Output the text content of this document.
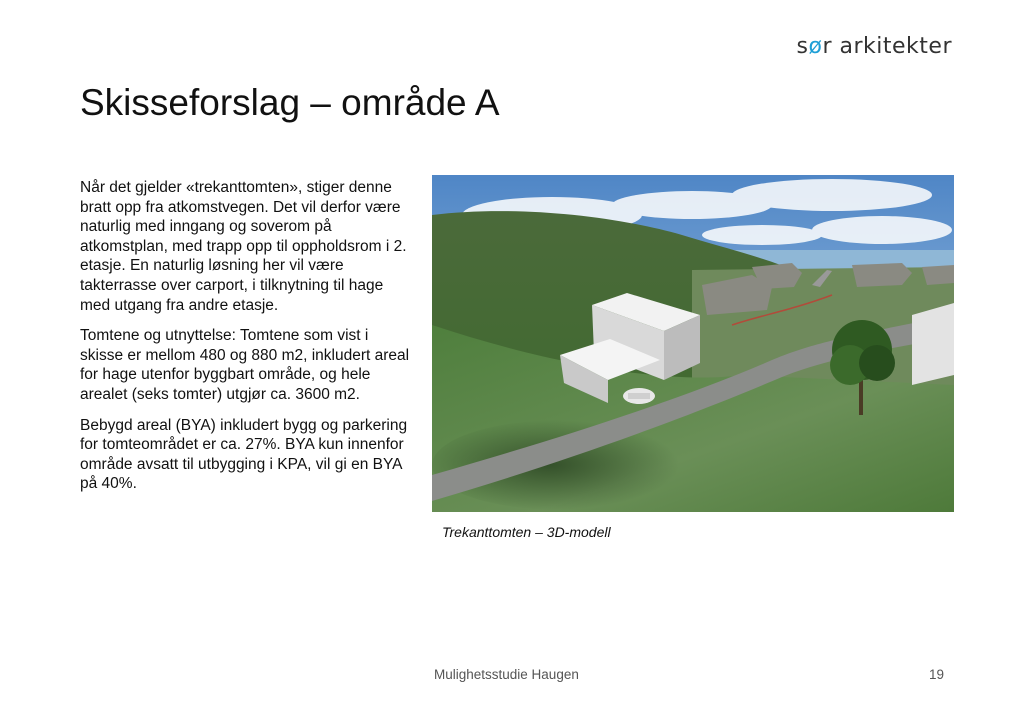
sør arkitekter
Skisseforslag – område A

Når det gjelder «trekanttomten», stiger denne bratt opp fra atkomstvegen. Det vil derfor være naturlig med inngang og soverom på atkomstplan, med trapp opp til oppholdsrom i 2. etasje. En naturlig løsning her vil være takterrasse over carport, i tilknytning til hage med utgang fra andre etasje.

Tomtene og utnyttelse: Tomtene som vist i skisse er mellom 480 og 880 m2, inkludert areal for hage utenfor byggbart område, og hele arealet (seks tomter) utgjør ca. 3600 m2.

Bebygd areal (BYA) inkludert bygg og parkering for tomteområdet er ca. 27%. BYA kun innenfor område avsatt til utbygging i KPA, vil gi en BYA på 40%.

Trekanttomten – 3D-modell
Mulighetsstudie Haugen	19
